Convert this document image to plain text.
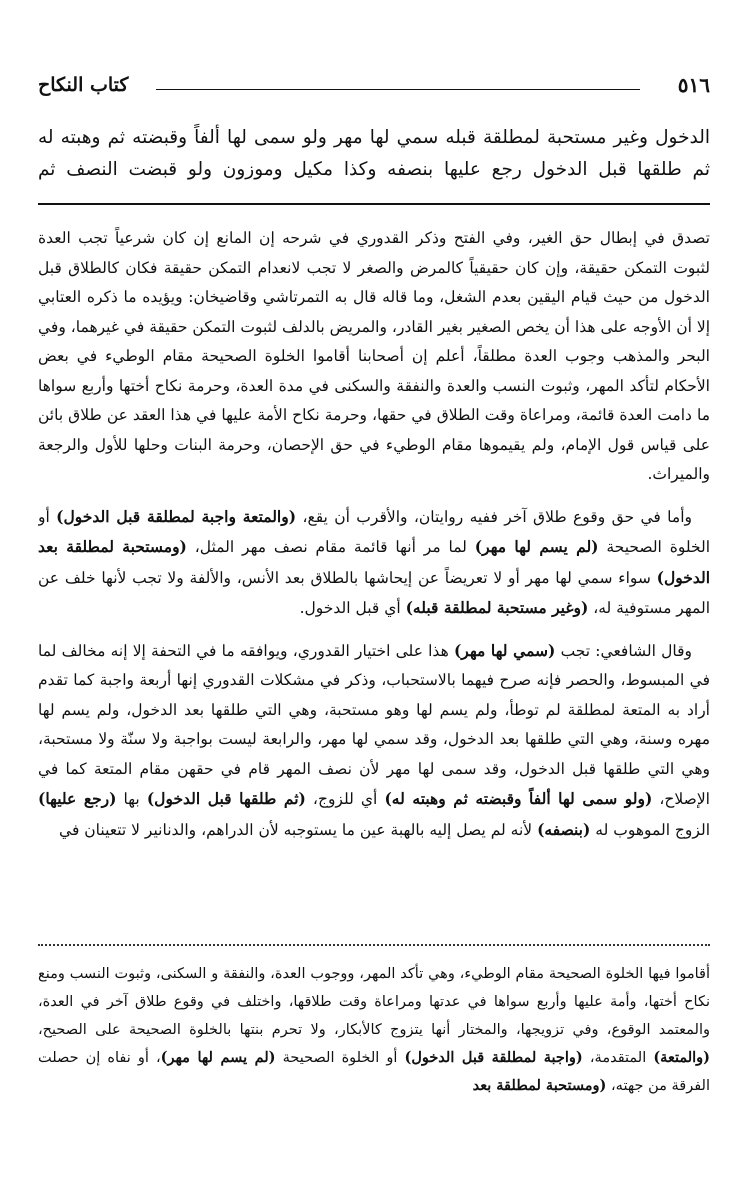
٥١٦
كتاب النكاح

الدخول وغير مستحبة لمطلقة قبله سمي لها مهر ولو سمى لها ألفاً وقبضته ثم وهبته له ثم طلقها قبل الدخول رجع عليها بنصفه وكذا مكيل وموزون ولو قبضت النصف ثم

تصدق في إبطال حق الغير، وفي الفتح وذكر القدوري في شرحه إن المانع إن كان شرعياً تجب العدة لثبوت التمكن حقيقة، وإن كان حقيقياً كالمرض والصغر لا تجب لانعدام التمكن حقيقة فكان كالطلاق قبل الدخول من حيث قيام اليقين بعدم الشغل، وما قاله قال به التمرتاشي وقاضيخان: ويؤيده ما ذكره العتابي إلا أن الأوجه على هذا أن يخص الصغير بغير القادر، والمريض بالدلف لثبوت التمكن حقيقة في غيرهما، وفي البحر والمذهب وجوب العدة مطلقاً، أعلم إن أصحابنا أقاموا الخلوة الصحيحة مقام الوطيء في بعض الأحكام لتأكد المهر، وثبوت النسب والعدة والنفقة والسكنى في مدة العدة، وحرمة نكاح أختها وأربع سواها ما دامت العدة قائمة، ومراعاة وقت الطلاق في حقها، وحرمة نكاح الأمة عليها في هذا العقد عن طلاق بائن على قياس قول الإمام، ولم يقيموها مقام الوطيء في حق الإحصان، وحرمة البنات وحلها للأول والرجعة والميراث.

وأما في حق وقوع طلاق آخر ففيه روايتان، والأقرب أن يقع، (والمتعة واجبة لمطلقة قبل الدخول) أو الخلوة الصحيحة (لم يسم لها مهر) لما مر أنها قائمة مقام نصف مهر المثل، (ومستحبة لمطلقة بعد الدخول) سواء سمي لها مهر أو لا تعريضاً عن إيحاشها بالطلاق بعد الأنس، والألفة ولا تجب لأنها خلف عن المهر مستوفية له، (وغير مستحبة لمطلقة قبله) أي قبل الدخول.

وقال الشافعي: تجب (سمي لها مهر) هذا على اختيار القدوري، ويوافقه ما في التحفة إلا إنه مخالف لما في المبسوط، والحصر فإنه صرح فيهما بالاستحباب، وذكر في مشكلات القدوري إنها أربعة واجبة كما تقدم أراد به المتعة لمطلقة لم توطأ، ولم يسم لها وهو مستحبة، وهي التي طلقها بعد الدخول، ولم يسم لها مهره وسنة، وهي التي طلقها بعد الدخول، وقد سمي لها مهر، والرابعة ليست بواجبة ولا سنّة ولا مستحبة، وهي التي طلقها قبل الدخول، وقد سمى لها مهر لأن نصف المهر قام في حقهن مقام المتعة كما في الإصلاح، (ولو سمى لها ألفاً وقبضته ثم وهبته له) أي للزوج، (ثم طلقها قبل الدخول) بها (رجع عليها) الزوج الموهوب له (بنصفه) لأنه لم يصل إليه بالهبة عين ما يستوجبه لأن الدراهم، والدنانير لا تتعينان في

أقاموا فيها الخلوة الصحيحة مقام الوطيء، وهي تأكد المهر، ووجوب العدة، والنفقة و السكنى، وثبوت النسب ومنع نكاح أختها، وأمة عليها وأربع سواها في عدتها ومراعاة وقت طلاقها، واختلف في وقوع طلاق آخر في العدة، والمعتمد الوقوع، وفي تزويجها، والمختار أنها يتزوج كالأبكار، ولا تحرم بنتها بالخلوة الصحيحة على الصحيح، (والمتعة) المتقدمة، (واجبة لمطلقة قبل الدخول) أو الخلوة الصحيحة (لم يسم لها مهر)، أو نفاه إن حصلت الفرقة من جهته، (ومستحبة لمطلقة بعد
